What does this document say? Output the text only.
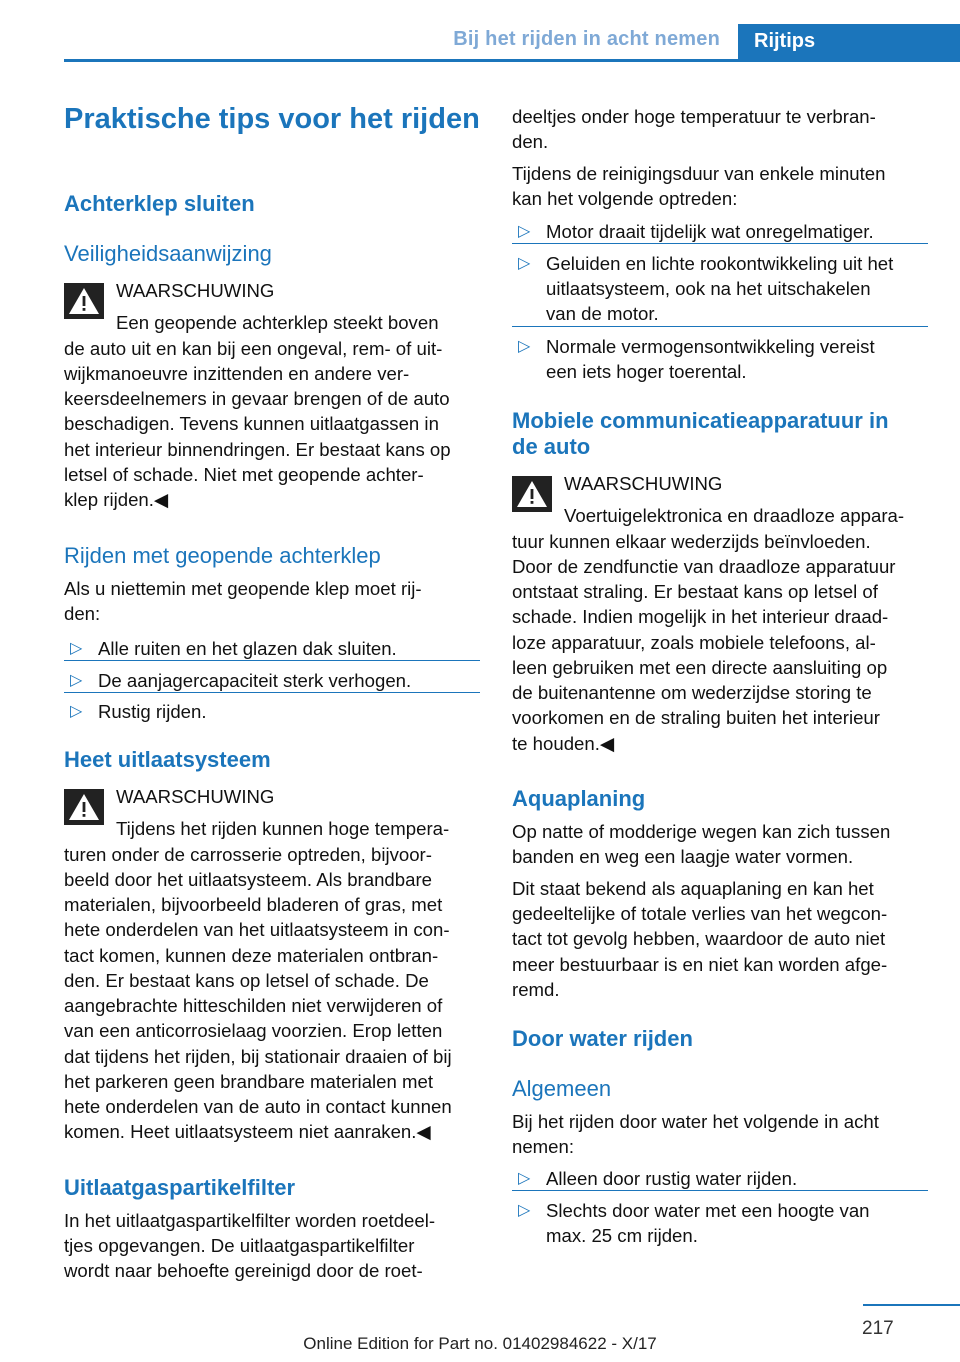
Bij het rijden in acht nemen Rijtips
Praktische tips voor het rijden
Achterklep sluiten
Veiligheidsaanwijzing
WAARSCHUWING
Een geopende achterklep steekt boven
de auto uit en kan bij een ongeval, rem- of uit-
wijkmanoeuvre inzittenden en andere ver-
keersdeelnemers in gevaar brengen of de auto
beschadigen. Tevens kunnen uitlaatgassen in
het interieur binnendringen. Er bestaat kans op
letsel of schade. Niet met geopende achter-
klep rijden.◀
Rijden met geopende achterklep
Als u niettemin met geopende klep moet rij-
den:
▷ Alle ruiten en het glazen dak sluiten.
▷ De aanjagercapaciteit sterk verhogen.
▷ Rustig rijden.
Heet uitlaatsysteem
WAARSCHUWING
Tijdens het rijden kunnen hoge tempera-
turen onder de carrosserie optreden, bijvoor-
beeld door het uitlaatsysteem. Als brandbare
materialen, bijvoorbeeld bladeren of gras, met
hete onderdelen van het uitlaatsysteem in con-
tact komen, kunnen deze materialen ontbran-
den. Er bestaat kans op letsel of schade. De
aangebrachte hitteschilden niet verwijderen of
van een anticorrosielaag voorzien. Erop letten
dat tijdens het rijden, bij stationair draaien of bij
het parkeren geen brandbare materialen met
hete onderdelen van de auto in contact kunnen
komen. Heet uitlaatsysteem niet aanraken.◀
Uitlaatgaspartikelfilter
In het uitlaatgaspartikelfilter worden roetdeel-
tjes opgevangen. De uitlaatgaspartikelfilter
wordt naar behoefte gereinigd door de roet-
deeltjes onder hoge temperatuur te verbran-
den.
Tijdens de reinigingsduur van enkele minuten
kan het volgende optreden:
▷ Motor draait tijdelijk wat onregelmatiger.
▷ Geluiden en lichte rookontwikkeling uit het
uitlaatsysteem, ook na het uitschakelen
van de motor.
▷ Normale vermogensontwikkeling vereist
een iets hoger toerental.
Mobiele communicatieapparatuur in
de auto
WAARSCHUWING
Voertuigelektronica en draadloze appara-
tuur kunnen elkaar wederzijds beïnvloeden.
Door de zendfunctie van draadloze apparatuur
ontstaat straling. Er bestaat kans op letsel of
schade. Indien mogelijk in het interieur draad-
loze apparatuur, zoals mobiele telefoons, al-
leen gebruiken met een directe aansluiting op
de buitenantenne om wederzijdse storing te
voorkomen en de straling buiten het interieur
te houden.◀
Aquaplaning
Op natte of modderige wegen kan zich tussen
banden en weg een laagje water vormen.
Dit staat bekend als aquaplaning en kan het
gedeeltelijke of totale verlies van het wegcon-
tact tot gevolg hebben, waardoor de auto niet
meer bestuurbaar is en niet kan worden afge-
remd.
Door water rijden
Algemeen
Bij het rijden door water het volgende in acht
nemen:
▷ Alleen door rustig water rijden.
▷ Slechts door water met een hoogte van
max. 25 cm rijden.
217
Online Edition for Part no. 01402984622 - X/17
